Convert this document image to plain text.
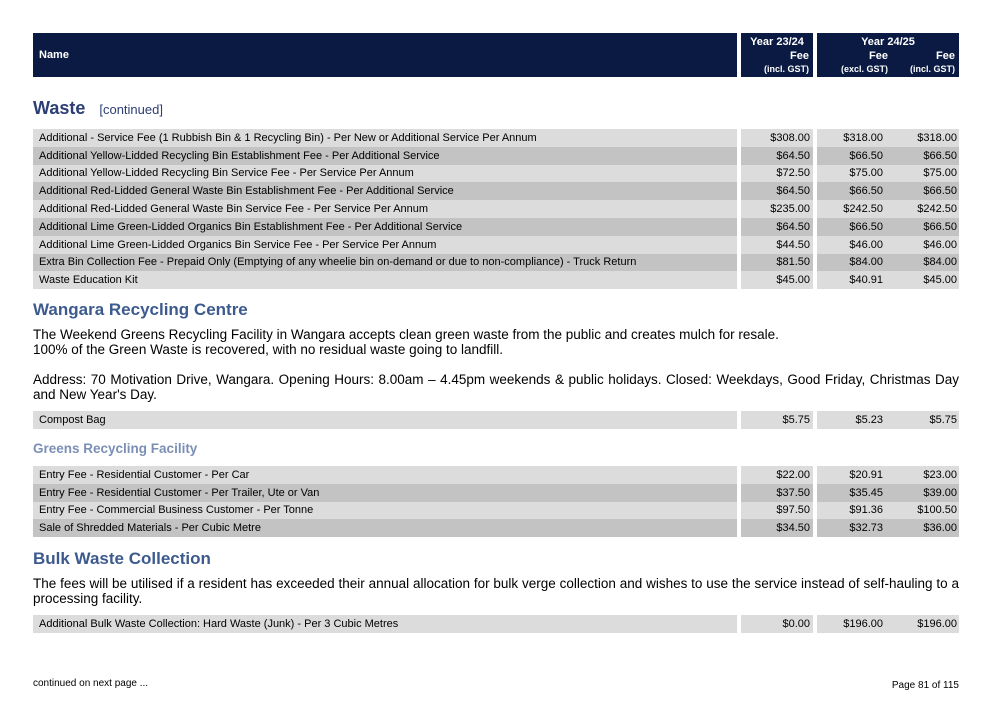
Name
Year 23/24
Fee
(incl. GST)
Year 24/25
Fee	Fee
(excl. GST)	(incl. GST)
Waste [continued]
Additional - Service Fee (1 Rubbish Bin & 1 Recycling Bin) - Per New or Additional Service Per Annum	$308.00	$318.00	$318.00
Additional Yellow-Lidded Recycling Bin Establishment Fee - Per Additional Service	$64.50	$66.50	$66.50
Additional Yellow-Lidded Recycling Bin Service Fee - Per Service Per Annum	$72.50	$75.00	$75.00
Additional Red-Lidded General Waste Bin Establishment Fee - Per Additional Service	$64.50	$66.50	$66.50
Additional Red-Lidded General Waste Bin Service Fee - Per Service Per Annum	$235.00	$242.50	$242.50
Additional Lime Green-Lidded Organics Bin Establishment Fee - Per Additional Service	$64.50	$66.50	$66.50
Additional Lime Green-Lidded Organics Bin Service Fee - Per Service Per Annum	$44.50	$46.00	$46.00
Extra Bin Collection Fee - Prepaid Only (Emptying of any wheelie bin on-demand or due to non-compliance) - Truck Return	$81.50	$84.00	$84.00
Waste Education Kit	$45.00	$40.91	$45.00
Wangara Recycling Centre

The Weekend Greens Recycling Facility in Wangara accepts clean green waste from the public and creates mulch for resale.
100% of the Green Waste is recovered, with no residual waste going to landfill.

Address: 70 Motivation Drive, Wangara. Opening Hours: 8.00am – 4.45pm weekends & public holidays. Closed: Weekdays, Good Friday, Christmas Day and New Year's Day.

Compost Bag	$5.75	$5.23	$5.75
Greens Recycling Facility
Entry Fee - Residential Customer - Per Car	$22.00	$20.91	$23.00
Entry Fee - Residential Customer - Per Trailer, Ute or Van	$37.50	$35.45	$39.00
Entry Fee - Commercial Business Customer - Per Tonne	$97.50	$91.36	$100.50
Sale of Shredded Materials - Per Cubic Metre	$34.50	$32.73	$36.00
Bulk Waste Collection

The fees will be utilised if a resident has exceeded their annual allocation for bulk verge collection and wishes to use the service instead of self-hauling to a processing facility.

Additional Bulk Waste Collection: Hard Waste (Junk) - Per 3 Cubic Metres	$0.00	$196.00	$196.00
continued on next page ...	Page 81 of 115
